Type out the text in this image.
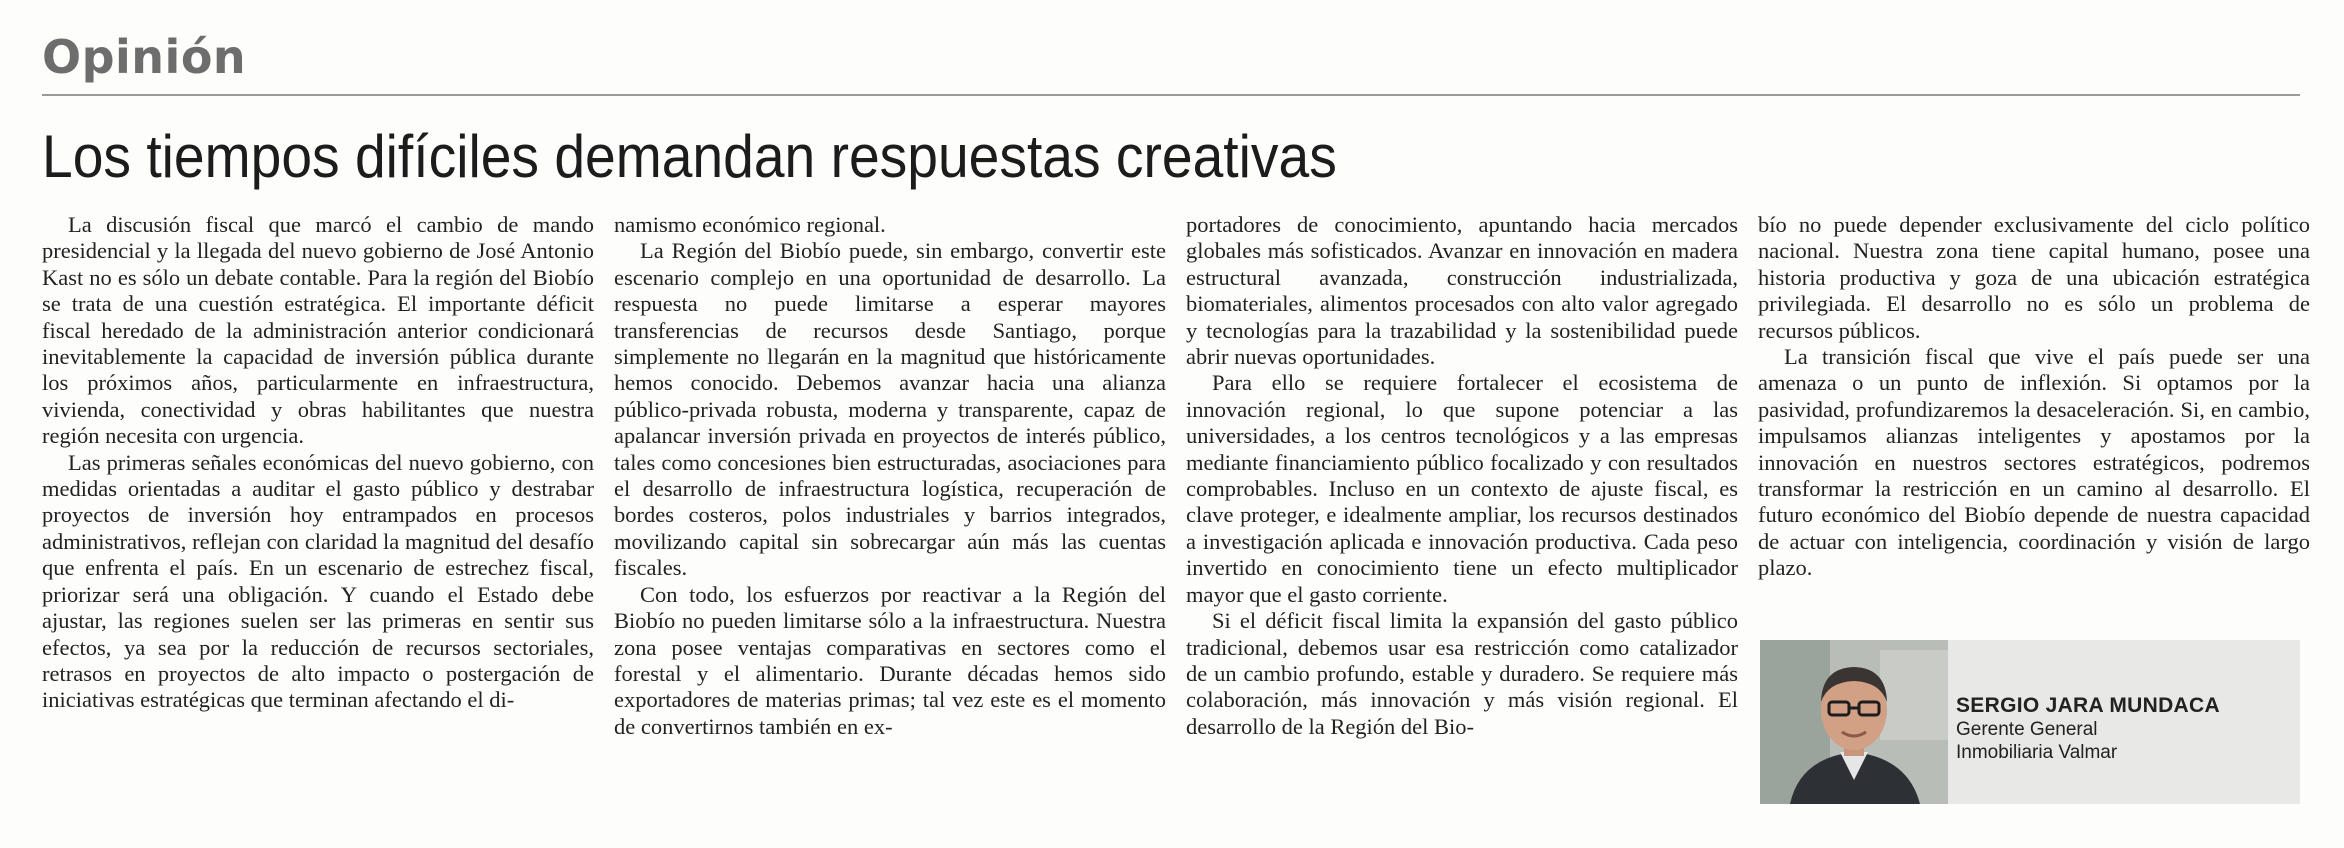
Opinión
Los tiempos difíciles demandan respuestas creativas

La discusión fiscal que marcó el cambio de mando presidencial y la llegada del nuevo gobierno de José Antonio Kast no es sólo un debate contable. Para la región del Biobío se trata de una cuestión estratégica. El importante déficit fiscal heredado de la administración anterior condicionará inevitablemente la capacidad de inversión pública durante los próximos años, particularmente en infraestructura, vivienda, conectividad y obras habilitantes que nuestra región necesita con urgencia.

Las primeras señales económicas del nuevo gobierno, con medidas orientadas a auditar el gasto público y destrabar proyectos de inversión hoy entrampados en procesos administrativos, reflejan con claridad la magnitud del desafío que enfrenta el país. En un escenario de estrechez fiscal, priorizar será una obligación. Y cuando el Estado debe ajustar, las regiones suelen ser las primeras en sentir sus efectos, ya sea por la reducción de recursos sectoriales, retrasos en proyectos de alto impacto o postergación de iniciativas estratégicas que terminan afectando el di-

namismo económico regional.

La Región del Biobío puede, sin embargo, convertir este escenario complejo en una oportunidad de desarrollo. La respuesta no puede limitarse a esperar mayores transferencias de recursos desde Santiago, porque simplemente no llegarán en la magnitud que históricamente hemos conocido. Debemos avanzar hacia una alianza público-privada robusta, moderna y transparente, capaz de apalancar inversión privada en proyectos de interés público, tales como concesiones bien estructuradas, asociaciones para el desarrollo de infraestructura logística, recuperación de bordes costeros, polos industriales y barrios integrados, movilizando capital sin sobrecargar aún más las cuentas fiscales.

Con todo, los esfuerzos por reactivar a la Región del Biobío no pueden limitarse sólo a la infraestructura. Nuestra zona posee ventajas comparativas en sectores como el forestal y el alimentario. Durante décadas hemos sido exportadores de materias primas; tal vez este es el momento de convertirnos también en ex-

portadores de conocimiento, apuntando hacia mercados globales más sofisticados. Avanzar en innovación en madera estructural avanzada, construcción industrializada, biomateriales, alimentos procesados con alto valor agregado y tecnologías para la trazabilidad y la sostenibilidad puede abrir nuevas oportunidades.

Para ello se requiere fortalecer el ecosistema de innovación regional, lo que supone potenciar a las universidades, a los centros tecnológicos y a las empresas mediante financiamiento público focalizado y con resultados comprobables. Incluso en un contexto de ajuste fiscal, es clave proteger, e idealmente ampliar, los recursos destinados a investigación aplicada e innovación productiva. Cada peso invertido en conocimiento tiene un efecto multiplicador mayor que el gasto corriente.

Si el déficit fiscal limita la expansión del gasto público tradicional, debemos usar esa restricción como catalizador de un cambio profundo, estable y duradero. Se requiere más colaboración, más innovación y más visión regional. El desarrollo de la Región del Bio-

bío no puede depender exclusivamente del ciclo político nacional. Nuestra zona tiene capital humano, posee una historia productiva y goza de una ubicación estratégica privilegiada. El desarrollo no es sólo un problema de recursos públicos.

La transición fiscal que vive el país puede ser una amenaza o un punto de inflexión. Si optamos por la pasividad, profundizaremos la desaceleración. Si, en cambio, impulsamos alianzas inteligentes y apostamos por la innovación en nuestros sectores estratégicos, podremos transformar la restricción en un camino al desarrollo. El futuro económico del Biobío depende de nuestra capacidad de actuar con inteligencia, coordinación y visión de largo plazo.

SERGIO JARA MUNDACA
Gerente General
Inmobiliaria Valmar
